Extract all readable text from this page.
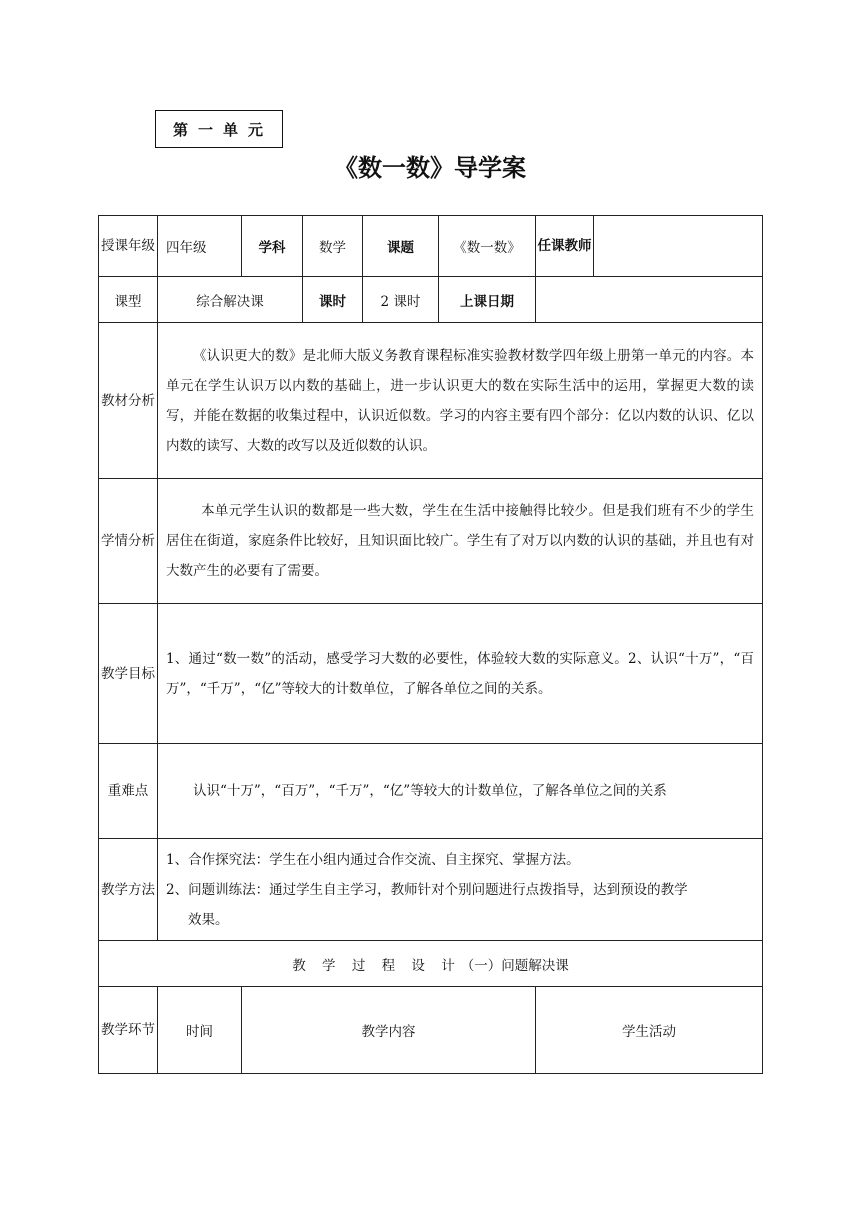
第一单元
《数一数》导学案
授课年级	四年级	学科	数学	课题	《数一数》	任课教师	
课型	综合解决课		课时	2 课时	上课日期		
教材分析	《认识更大的数》是北师大版义务教育课程标准实验教材数学四年级上册第一单元的内容。本单元在学生认识万以内数的基础上，进一步认识更大的数在实际生活中的运用，掌握更大数的读写，并能在数据的收集过程中，认识近似数。学习的内容主要有四个部分：亿以内数的认识、亿以内数的读写、大数的改写以及近似数的认识。						
学情分析	本单元学生认识的数都是一些大数，学生在生活中接触得比较少。但是我们班有不少的学生居住在街道，家庭条件比较好，且知识面比较广。学生有了对万以内数的认识的基础，并且也有对大数产生的必要有了需要。						
教学目标	1、通过“数一数”的活动，感受学习大数的必要性，体验较大数的实际意义。2、认识“十万”，“百万”，“千万”，“亿”等较大的计数单位，了解各单位之间的关系。						
重难点	认识“十万”，“百万”，“千万”，“亿”等较大的计数单位，了解各单位之间的关系						
教学方法	1、合作探究法：学生在小组内通过合作交流、自主探究、掌握方法。
2、问题训练法：通过学生自主学习，教师针对个别问题进行点拨指导，达到预设的教学
效果。						

教 学 过 程 设 计（一）问题解决课							
教学环节	时间	教学内容				学生活动	
